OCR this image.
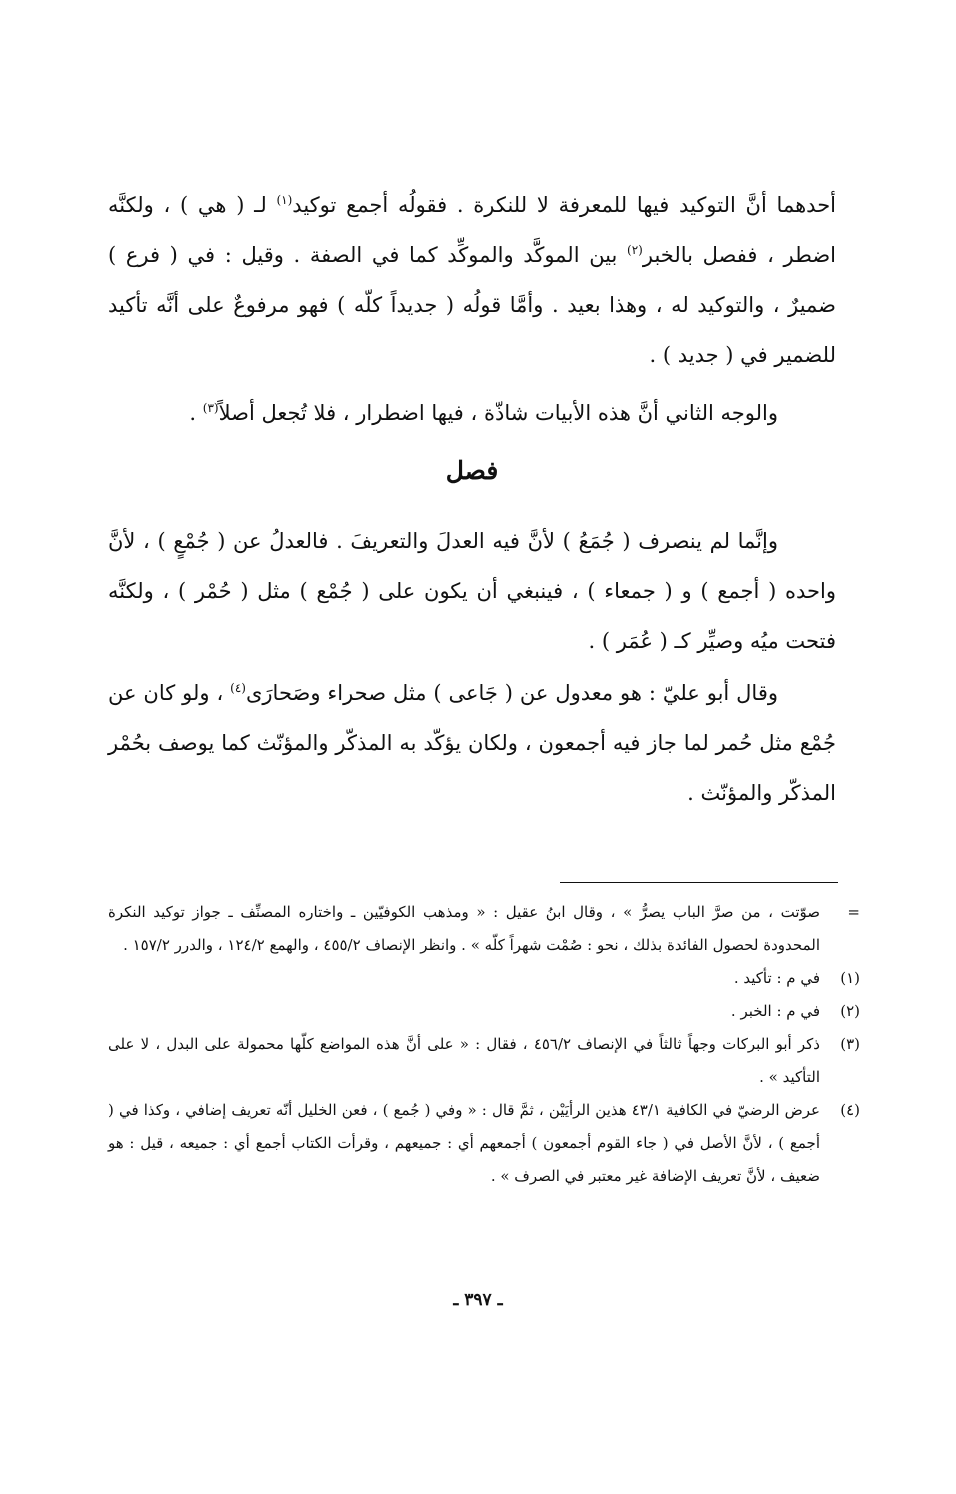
أحدهما أنَّ التوكيد فيها للمعرفة لا للنكرة . فقولُه أجمع توكيد$^{(١)}$ لـ ( هي ) ، ولكنَّه اضطر ، ففصل بالخبر$^{(٢)}$ بين الموكَّد والموكِّد كما في الصفة . وقيل : في ( فرع ) ضميرٌ ، والتوكيد له ، وهذا بعيد . وأمَّا قولُه ( جديداً كلّه ) فهو مرفوعٌ على أنَّه تأكيد للضمير في ( جديد ) .

والوجه الثاني أنَّ هذه الأبيات شاذّة ، فيها اضطرار ، فلا تُجعل أصلاً$^{(٣)}$ .

فصل

وإنَّما لم ينصرف ( جُمَعُ ) لأنَّ فيه العدلَ والتعريفَ . فالعدلُ عن ( جُمْعٍ ) ، لأنَّ واحده ( أجمع ) و ( جمعاء ) ، فينبغي أن يكون على ( جُمْع ) مثل ( حُمْر ) ، ولكنَّه فتحت ميُه وصيِّر كـ ( عُمَر ) .

وقال أبو عليّ : هو معدول عن ( جَاعى ) مثل صحراء وصَحارَى$^{(٤)}$ ، ولو كان عن جُمْع مثل حُمر لما جاز فيه أجمعون ، ولكان يؤكّد به المذكّر والمؤنّث كما يوصف بحُمْر المذكّر والمؤنّث .

=
صوّتت ، من صرَّ الباب يصرُّ » ، وقال ابنُ عقيل : « ومذهب الكوفيّين ـ واختاره المصنِّف ـ جواز توكيد النكرة المحدودة لحصول الفائدة بذلك ، نحو : صُمْت شهراً كلّه » . وانظر الإنصاف ٤٥٥/٢ ، والهمع ١٢٤/٢ ، والدرر ١٥٧/٢ .
(١)
في م : تأكيد .
(٢)
في م : الخبر .
(٣)
ذكر أبو البركات وجهاً ثالثاً في الإنصاف ٤٥٦/٢ ، فقال : « على أنَّ هذه المواضع كلّها محمولة على البدل ، لا على التأكيد » .
(٤)
عرض الرضيّ في الكافية ٤٣/١ هذين الرأيَيْن ، ثمَّ قال : « وفي ( جُمع ) ، فعن الخليل أنّه تعريف إضافي ، وكذا في ( أجمع ) ، لأنَّ الأصل في ( جاء القوم أجمعون ) أجمعهم أي : جميعهم ، وقرأت الكتاب أجمع أي : جميعه ، قيل : هو ضعيف ، لأنَّ تعريف الإضافة غير معتبر في الصرف » .
ـ ٣٩٧ ـ
